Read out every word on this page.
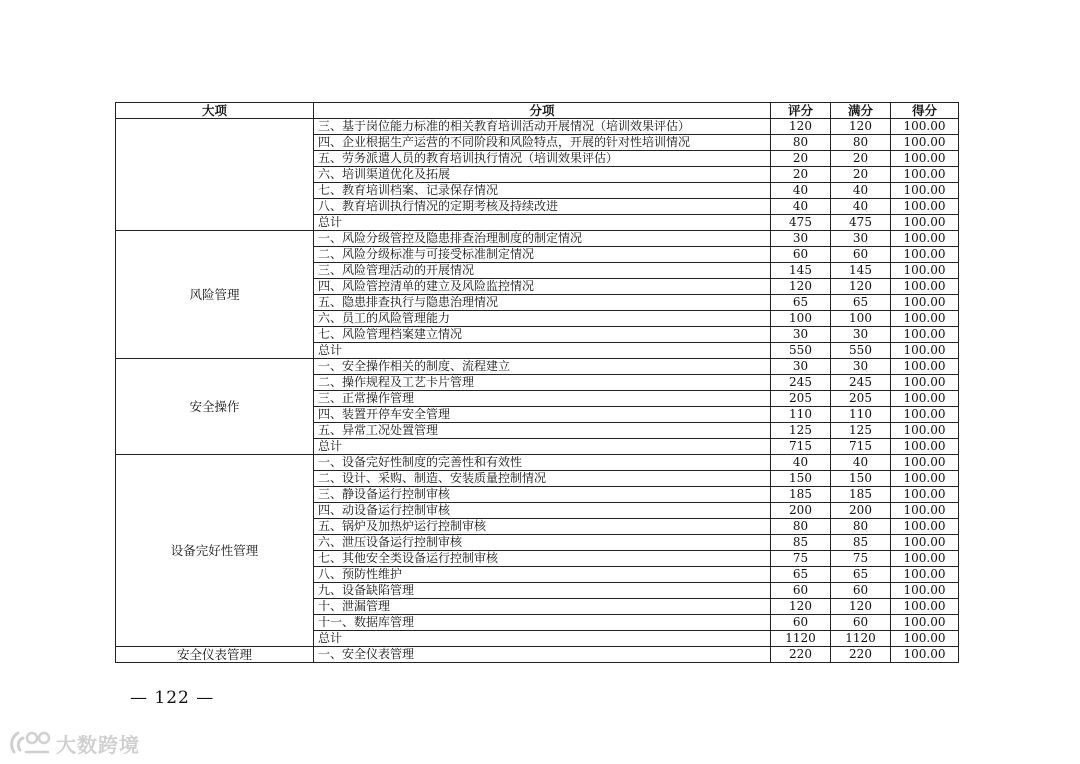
大项	分项	评分	满分	得分
	三、基于岗位能力标准的相关教育培训活动开展情况（培训效果评估）	120	120	100.00
	四、企业根据生产运营的不同阶段和风险特点，开展的针对性培训情况	80	80	100.00
	五、劳务派遣人员的教育培训执行情况（培训效果评估）	20	20	100.00
	六、培训渠道优化及拓展	20	20	100.00
	七、教育培训档案、记录保存情况	40	40	100.00
	八、教育培训执行情况的定期考核及持续改进	40	40	100.00
	总计	475	475	100.00
风险管理	一、风险分级管控及隐患排查治理制度的制定情况	30	30	100.00
	二、风险分级标准与可接受标准制定情况	60	60	100.00
	三、风险管理活动的开展情况	145	145	100.00
	四、风险管控清单的建立及风险监控情况	120	120	100.00
	五、隐患排查执行与隐患治理情况	65	65	100.00
	六、员工的风险管理能力	100	100	100.00
	七、风险管理档案建立情况	30	30	100.00
	总计	550	550	100.00
安全操作	一、安全操作相关的制度、流程建立	30	30	100.00
	二、操作规程及工艺卡片管理	245	245	100.00
	三、正常操作管理	205	205	100.00
	四、装置开停车安全管理	110	110	100.00
	五、异常工况处置管理	125	125	100.00
	总计	715	715	100.00
设备完好性管理	一、设备完好性制度的完善性和有效性	40	40	100.00
	二、设计、采购、制造、安装质量控制情况	150	150	100.00
	三、静设备运行控制审核	185	185	100.00
	四、动设备运行控制审核	200	200	100.00
	五、锅炉及加热炉运行控制审核	80	80	100.00
	六、泄压设备运行控制审核	85	85	100.00
	七、其他安全类设备运行控制审核	75	75	100.00
	八、预防性维护	65	65	100.00
	九、设备缺陷管理	60	60	100.00
	十、泄漏管理	120	120	100.00
	十一、数据库管理	60	60	100.00
	总计	1120	1120	100.00
安全仪表管理	一、安全仪表管理	220	220	100.00
— 122 —
大数跨境
